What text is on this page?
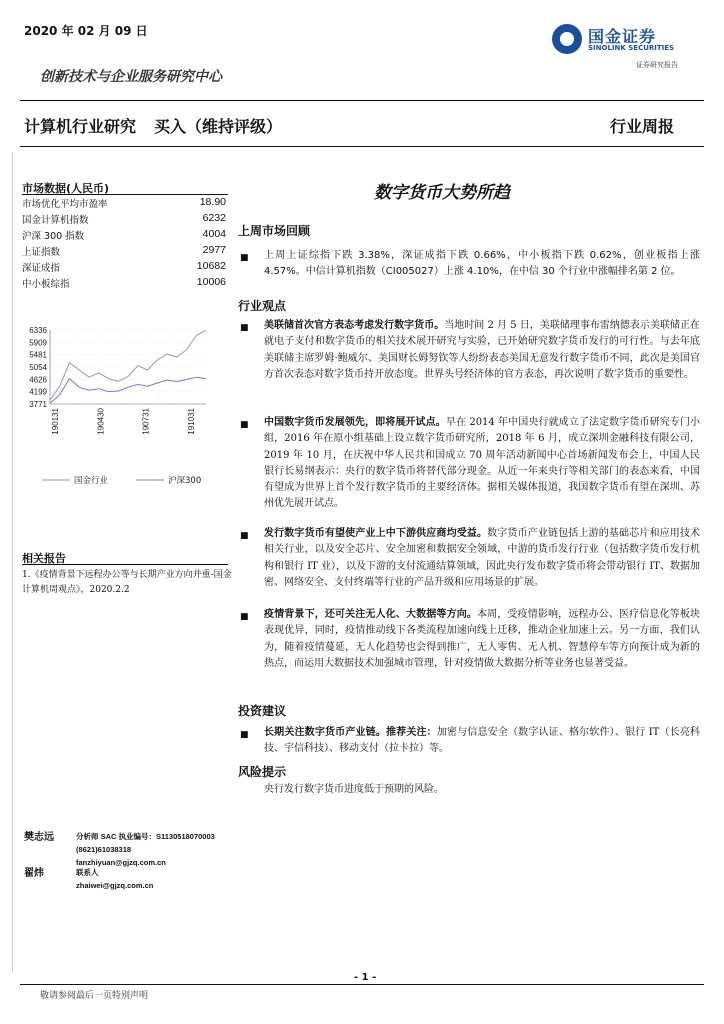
2020 年 02 月 09 日	国金证券
SINOLINK SECURITIES
证券研究报告
创新技术与企业服务研究中心
计算机行业研究 买入（维持评级）	行业周报
市场数据(人民币)
市场优化平均市盈率	18.90
国金计算机指数	6232
沪深 300 指数	4004
上证指数	2977
深证成指	10682
中小板综指	10006
6336
5909
5481
5054
4626
4199
3771
190131	190430	190731	191031
国金行业	沪深300
相关报告
1.《疫情背景下远程办公等与长期产业方向并重-国金计算机周观点》，2020.2.2
数字货币大势所趋
上周市场回顾
■ 上周上证综指下跌 3.38%，深证成指下跌 0.66%，中小板指下跌 0.62%，创业板指上涨 4.57%。中信计算机指数（CI005027）上涨 4.10%，在中信 30 个行业中涨幅排名第 2 位。
行业观点
■ 美联储首次官方表态考虑发行数字货币。当地时间 2 月 5 日，美联储理事布雷纳德表示美联储正在就电子支付和数字货币的相关技术展开研究与实验，已开始研究数字货币发行的可行性。与去年底美联储主席罗姆·鲍威尔、美国财长姆努钦等人纷纷表态美国无意发行数字货币不同，此次是美国官方首次表态对数字货币持开放态度。世界头号经济体的官方表态，再次说明了数字货币的重要性。
■ 中国数字货币发展领先，即将展开试点。早在 2014 年中国央行就成立了法定数字货币研究专门小组，2016 年在原小组基础上设立数字货币研究所，2018 年 6 月，成立深圳金融科技有限公司，2019 年 10 月，在庆祝中华人民共和国成立 70 周年活动新闻中心首场新闻发布会上，中国人民银行长易纲表示：央行的数字货币将替代部分现金。从近一年来央行等相关部门的表态来看，中国有望成为世界上首个发行数字货币的主要经济体。据相关媒体报道，我国数字货币有望在深圳、苏州优先展开试点。
■ 发行数字货币有望使产业上中下游供应商均受益。数字货币产业链包括上游的基础芯片和应用技术相关行业，以及安全芯片、安全加密和数据安全领域，中游的货币发行行业（包括数字货币发行机构和银行 IT 业），以及下游的支付流通结算领域，因此央行发布数字货币将会带动银行 IT、数据加密、网络安全、支付终端等行业的产品升级和应用场景的扩展。
■ 疫情背景下，还可关注无人化、大数据等方向。本周，受疫情影响，远程办公、医疗信息化等板块表现优异，同时，疫情推动线下各类流程加速向线上迁移，推动企业加速上云。另一方面，我们认为，随着疫情蔓延，无人化趋势也会得到推广，无人零售、无人机、智慧停车等方向预计成为新的热点，而运用大数据技术加强城市管理，针对疫情做大数据分析等业务也显著受益。
投资建议
■ 长期关注数字货币产业链。推荐关注：加密与信息安全（数字认证、格尔软件）、银行 IT（长亮科技、宇信科技）、移动支付（拉卡拉）等。
风险提示
央行发行数字货币进度低于预期的风险。
樊志远	分析师 SAC 执业编号：S1130518070003
(8621)61038318
fanzhiyuan@gjzq.com.cn
翟炜	联系人
zhaiwei@gjzq.com.cn
- 1 -
敬请参阅最后一页特别声明
